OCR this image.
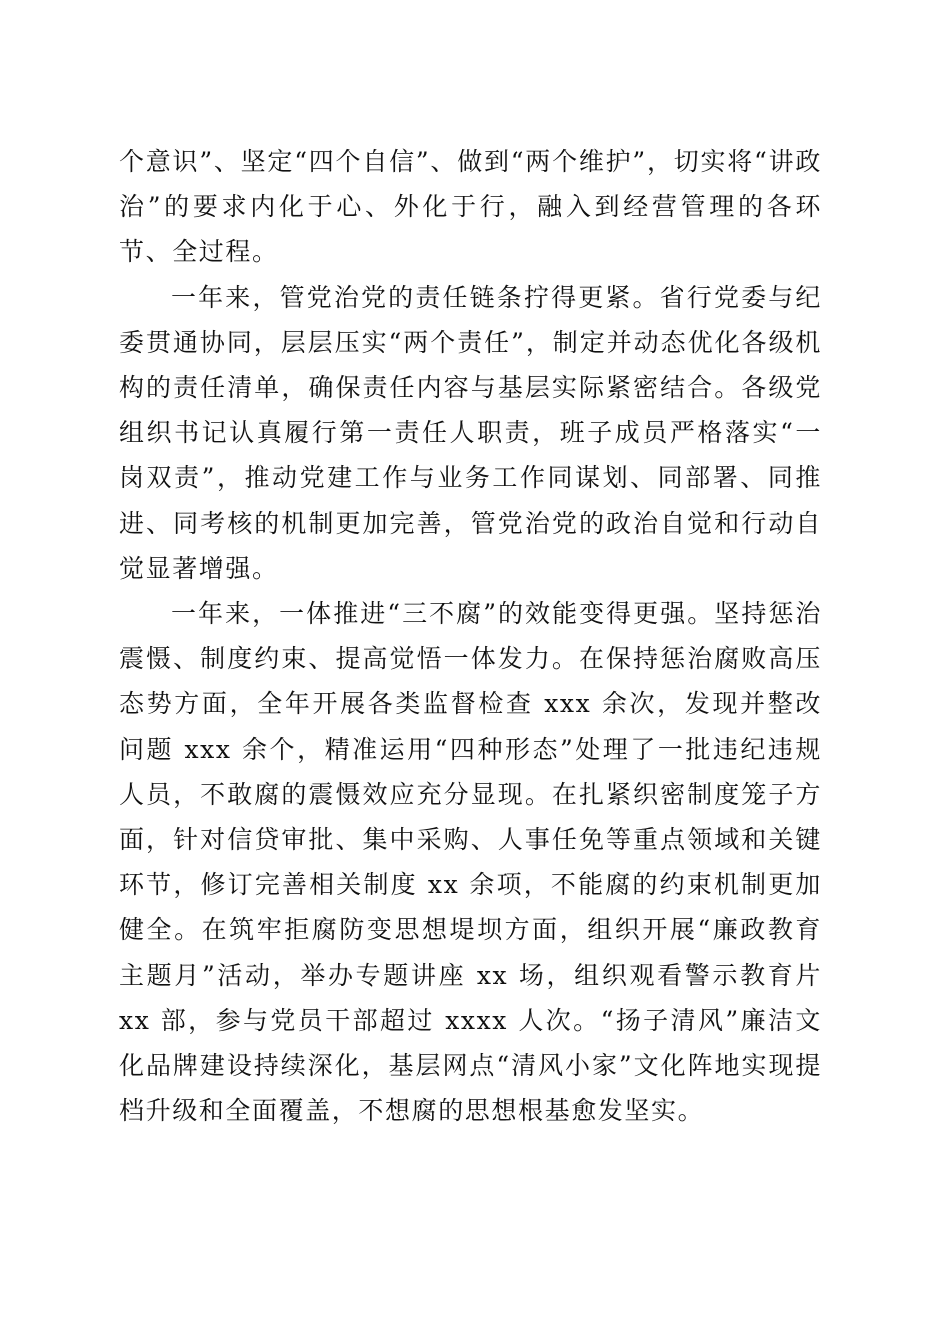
个意识”、坚定“四个自信”、做到“两个维护”，切实将“讲政治”的要求内化于心、外化于行，融入到经营管理的各环节、全过程。

一年来，管党治党的责任链条拧得更紧。省行党委与纪委贯通协同，层层压实“两个责任”，制定并动态优化各级机构的责任清单，确保责任内容与基层实际紧密结合。各级党组织书记认真履行第一责任人职责，班子成员严格落实“一岗双责”，推动党建工作与业务工作同谋划、同部署、同推进、同考核的机制更加完善，管党治党的政治自觉和行动自觉显著增强。

一年来，一体推进“三不腐”的效能变得更强。坚持惩治震慑、制度约束、提高觉悟一体发力。在保持惩治腐败高压态势方面，全年开展各类监督检查 xxx 余次，发现并整改问题 xxx 余个，精准运用“四种形态”处理了一批违纪违规人员，不敢腐的震慑效应充分显现。在扎紧织密制度笼子方面，针对信贷审批、集中采购、人事任免等重点领域和关键环节，修订完善相关制度 xx 余项，不能腐的约束机制更加健全。在筑牢拒腐防变思想堤坝方面，组织开展“廉政教育主题月”活动，举办专题讲座 xx 场，组织观看警示教育片 xx 部，参与党员干部超过 xxxx 人次。“扬子清风”廉洁文化品牌建设持续深化，基层网点“清风小家”文化阵地实现提档升级和全面覆盖，不想腐的思想根基愈发坚实。
